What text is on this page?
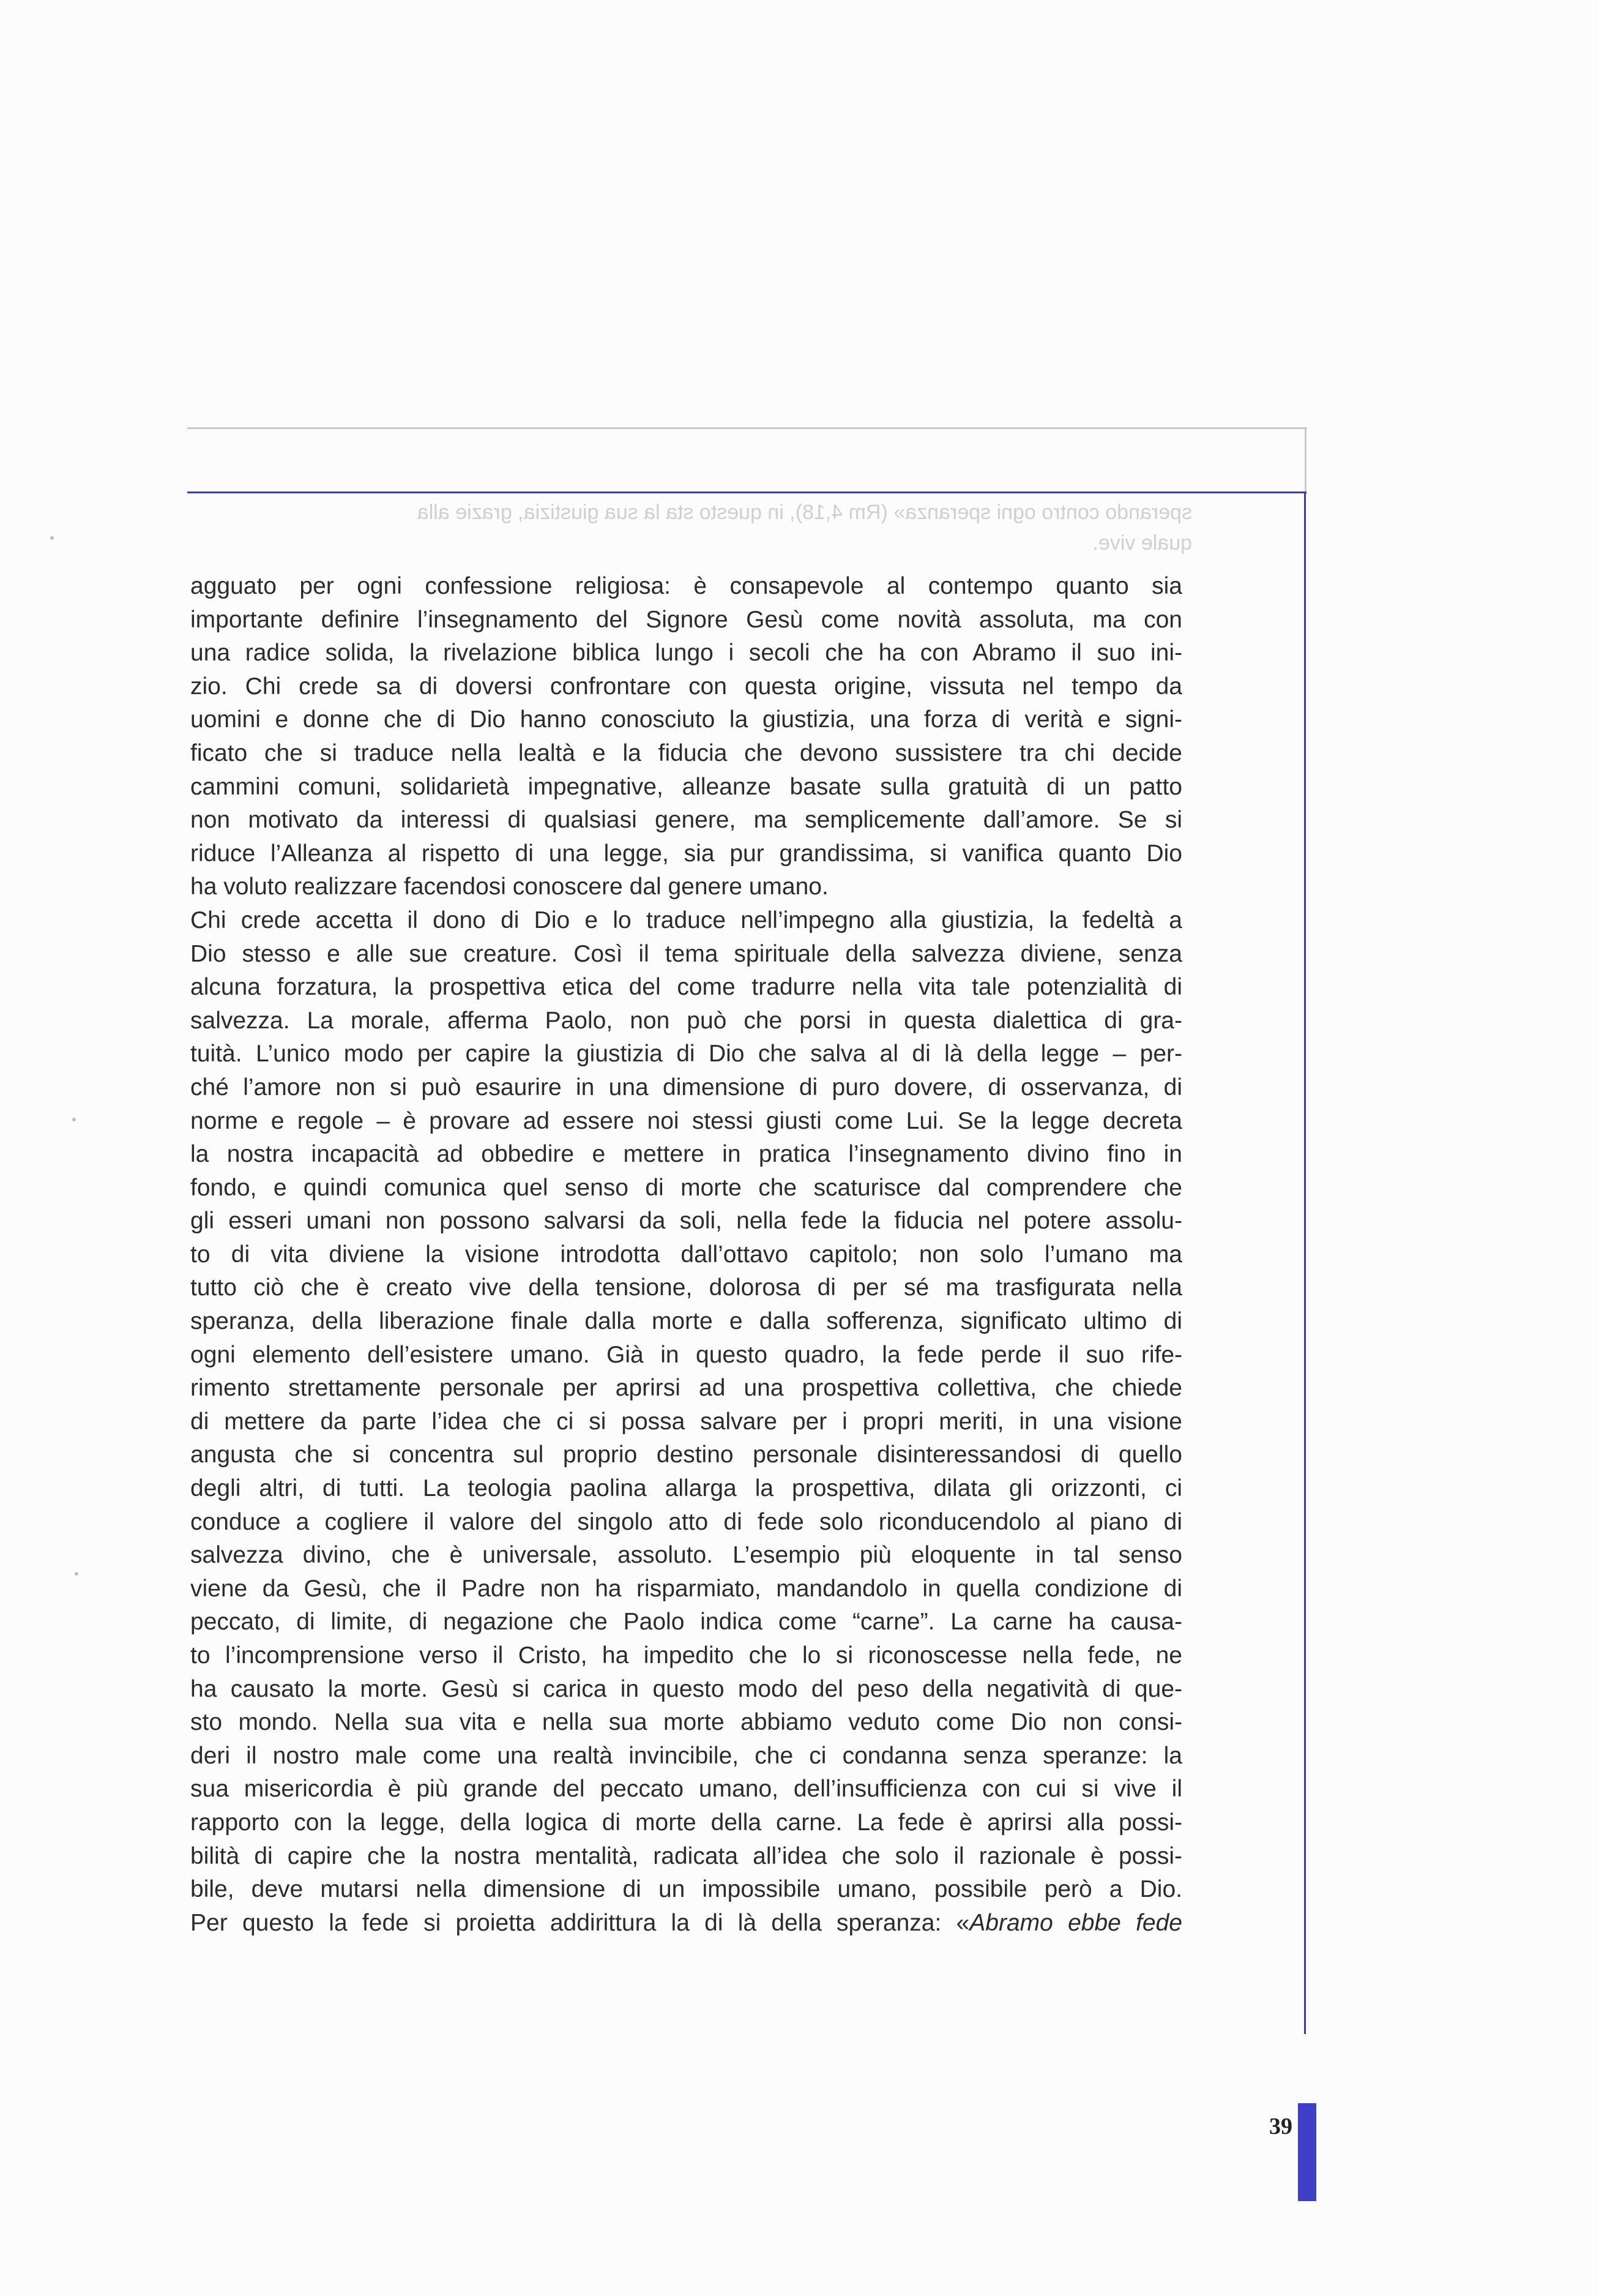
sperando contro ogni speranza» (Rm 4,18), in questo sta la sua giustizia, grazie alla
quale vive.
agguato per ogni confessione religiosa: è consapevole al contempo quanto sia
importante definire l’insegnamento del Signore Gesù come novità assoluta, ma con
una radice solida, la rivelazione biblica lungo i secoli che ha con Abramo il suo ini-
zio. Chi crede sa di doversi confrontare con questa origine, vissuta nel tempo da
uomini e donne che di Dio hanno conosciuto la giustizia, una forza di verità e signi-
ficato che si traduce nella lealtà e la fiducia che devono sussistere tra chi decide
cammini comuni, solidarietà impegnative, alleanze basate sulla gratuità di un patto
non motivato da interessi di qualsiasi genere, ma semplicemente dall’amore. Se si
riduce l’Alleanza al rispetto di una legge, sia pur grandissima, si vanifica quanto Dio
ha voluto realizzare facendosi conoscere dal genere umano.
Chi crede accetta il dono di Dio e lo traduce nell’impegno alla giustizia, la fedeltà a
Dio stesso e alle sue creature. Così il tema spirituale della salvezza diviene, senza
alcuna forzatura, la prospettiva etica del come tradurre nella vita tale potenzialità di
salvezza. La morale, afferma Paolo, non può che porsi in questa dialettica di gra-
tuità. L’unico modo per capire la giustizia di Dio che salva al di là della legge – per-
ché l’amore non si può esaurire in una dimensione di puro dovere, di osservanza, di
norme e regole – è provare ad essere noi stessi giusti come Lui. Se la legge decreta
la nostra incapacità ad obbedire e mettere in pratica l’insegnamento divino fino in
fondo, e quindi comunica quel senso di morte che scaturisce dal comprendere che
gli esseri umani non possono salvarsi da soli, nella fede la fiducia nel potere assolu-
to di vita diviene la visione introdotta dall’ottavo capitolo; non solo l’umano ma
tutto ciò che è creato vive della tensione, dolorosa di per sé ma trasfigurata nella
speranza, della liberazione finale dalla morte e dalla sofferenza, significato ultimo di
ogni elemento dell’esistere umano. Già in questo quadro, la fede perde il suo rife-
rimento strettamente personale per aprirsi ad una prospettiva collettiva, che chiede
di mettere da parte l’idea che ci si possa salvare per i propri meriti, in una visione
angusta che si concentra sul proprio destino personale disinteressandosi di quello
degli altri, di tutti. La teologia paolina allarga la prospettiva, dilata gli orizzonti, ci
conduce a cogliere il valore del singolo atto di fede solo riconducendolo al piano di
salvezza divino, che è universale, assoluto. L’esempio più eloquente in tal senso
viene da Gesù, che il Padre non ha risparmiato, mandandolo in quella condizione di
peccato, di limite, di negazione che Paolo indica come “carne”. La carne ha causa-
to l’incomprensione verso il Cristo, ha impedito che lo si riconoscesse nella fede, ne
ha causato la morte. Gesù si carica in questo modo del peso della negatività di que-
sto mondo. Nella sua vita e nella sua morte abbiamo veduto come Dio non consi-
deri il nostro male come una realtà invincibile, che ci condanna senza speranze: la
sua misericordia è più grande del peccato umano, dell’insufficienza con cui si vive il
rapporto con la legge, della logica di morte della carne. La fede è aprirsi alla possi-
bilità di capire che la nostra mentalità, radicata all’idea che solo il razionale è possi-
bile, deve mutarsi nella dimensione di un impossibile umano, possibile però a Dio.
Per questo la fede si proietta addirittura la di là della speranza: «Abramo ebbe fede
39
